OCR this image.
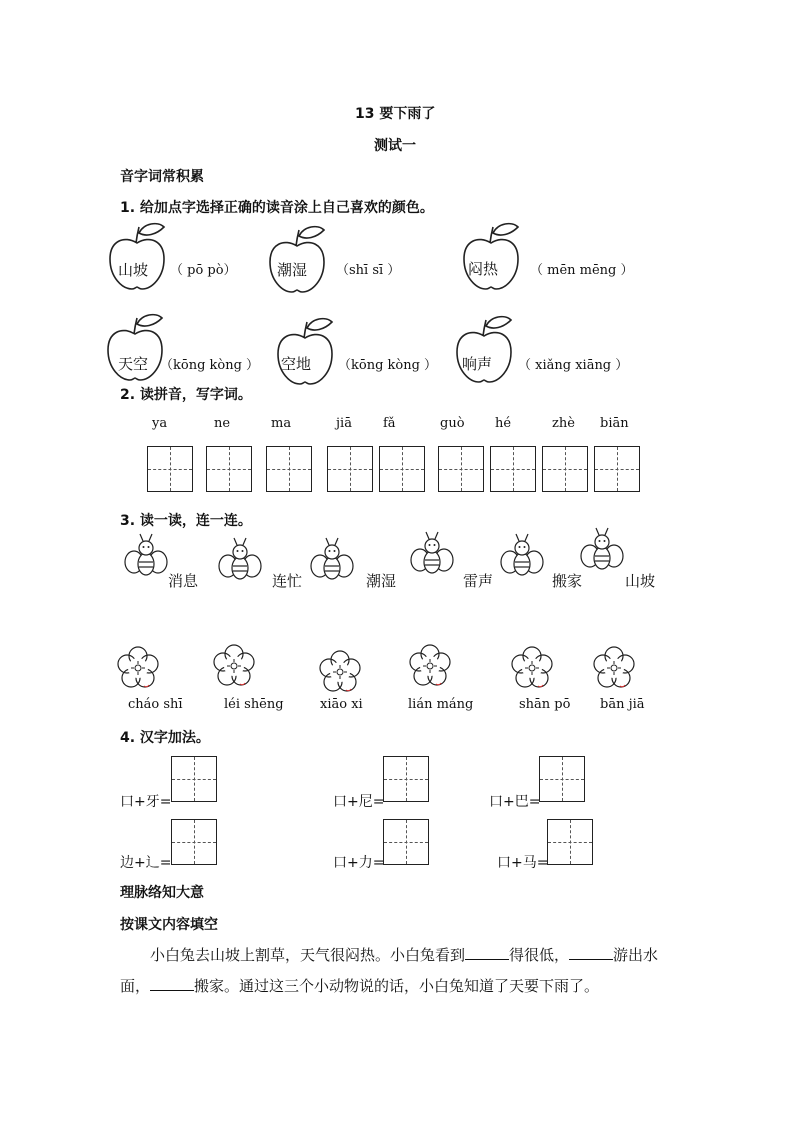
13 要下雨了
测试一
音字词常积累
1. 给加点字选择正确的读音涂上自己喜欢的颜色。
山坡 （ pō pò）	潮湿 （shī sī ）	闷热 （ mēn mēng ）
天空 （kōng kòng ） 空地 （kōng kòng ） 响声 （ xiǎng xiāng ）
2. 读拼音，写字词。
ya	ne	ma	jiā fǎ	guò hé	zhè biān
3. 读一读，连一连。
消息	连忙	潮湿	雷声	搬家	山坡
cháo shī	léi shēng	xiāo xi	lián máng	shān pō bān jiā
4. 汉字加法。
口+牙=	口+尼=	口+巴=
边+辶=	口+力=	口+马=
理脉络知大意
按课文内容填空
小白兔去山坡上割草，天气很闷热。小白兔看到	得很低，	游出水面，	搬家。通过这三个小动物说的话，小白兔知道了天要下雨了。
